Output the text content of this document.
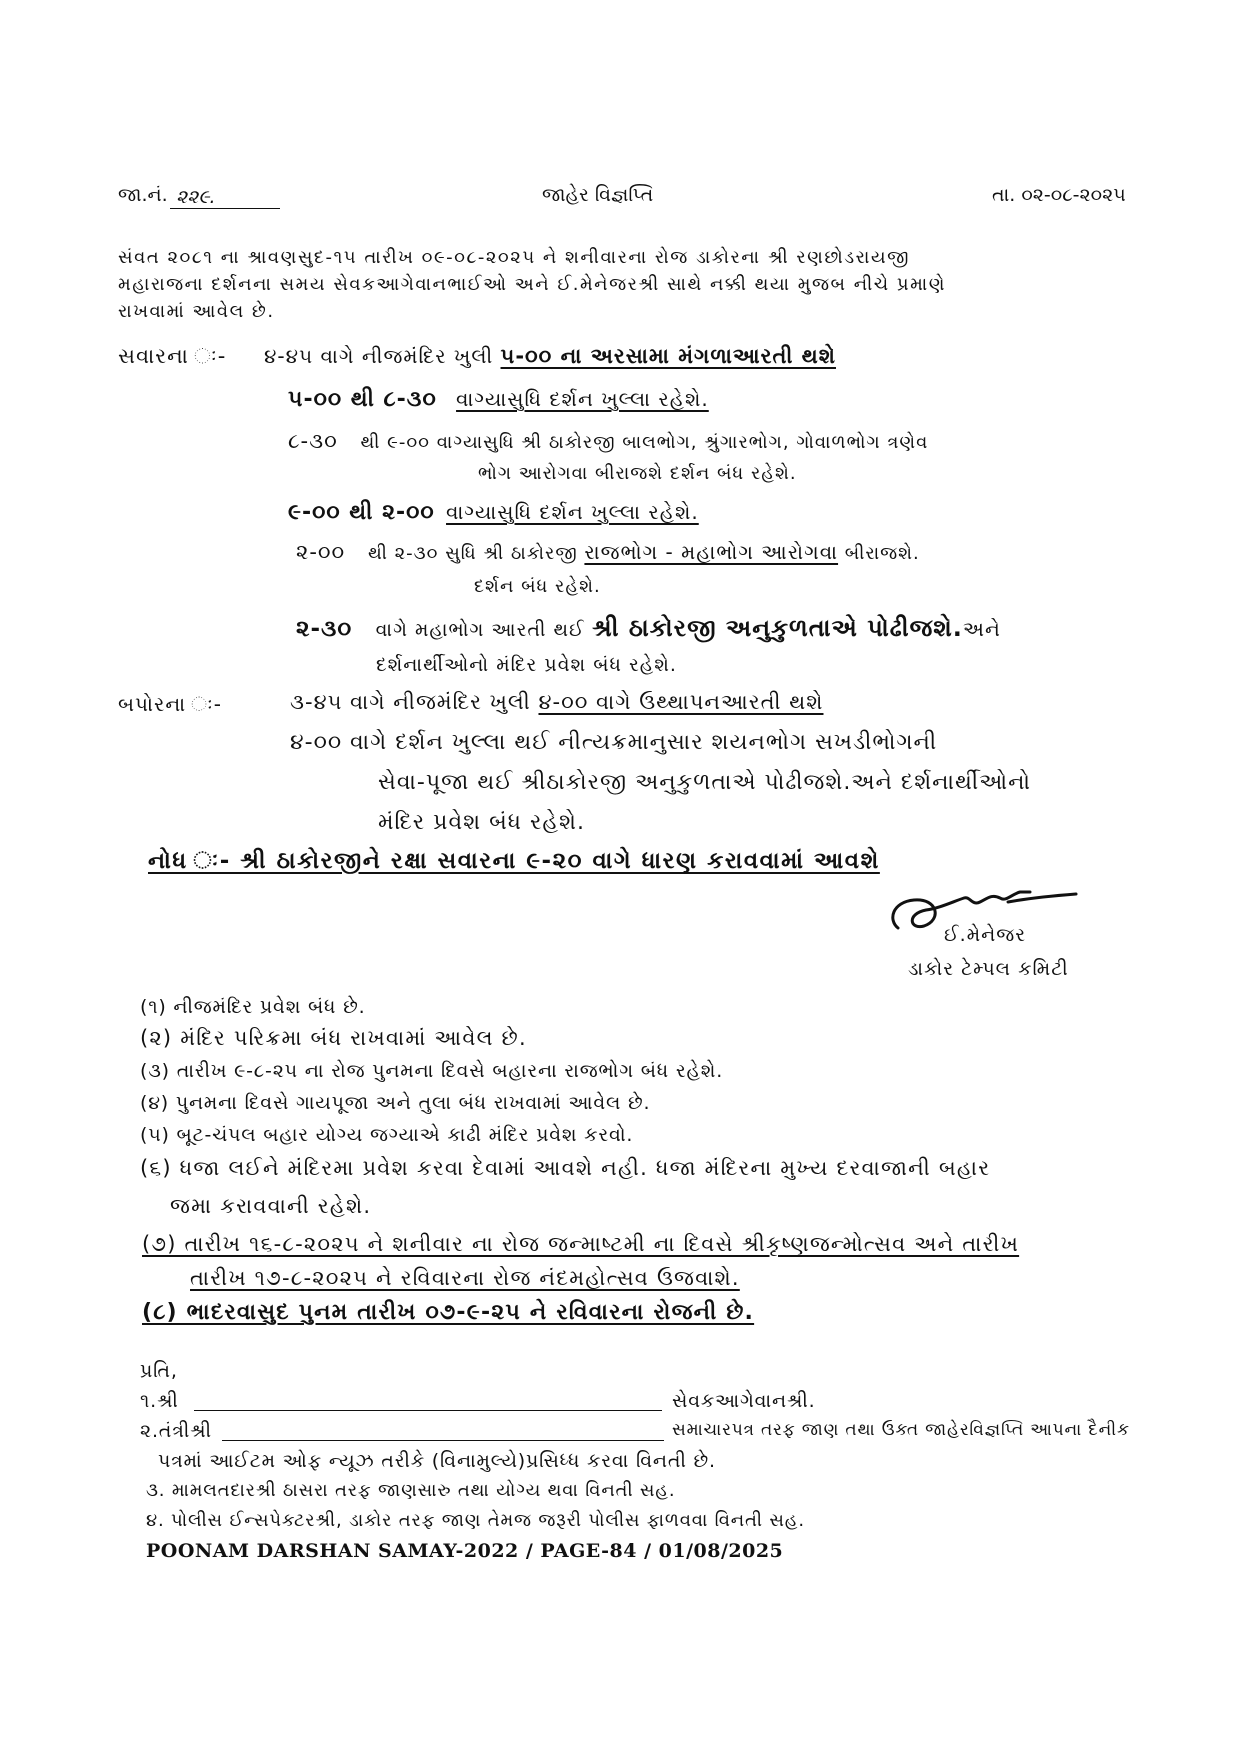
જા.નં. ૨૨૯.	જાહેર વિજ્ઞપ્તિ	તા. ૦૨-૦૮-૨૦૨૫
સંવત ૨૦૮૧ ના શ્રાવણસુદ-૧૫ તારીખ ૦૯-૦૮-૨૦૨૫ ને શનીવારના રોજ ડાકોરના શ્રી રણછોડરાયજી
મહારાજના દર્શનના સમય સેવકઆગેવાનભાઈઓ અને ઈ.મેનેજરશ્રી સાથે નક્કી થયા મુજબ નીચે પ્રમાણે
રાખવામાં આવેલ છે.
સવારના ઃ- ૪-૪૫ વાગે નીજમંદિર ખુલી ૫-૦૦ ના અરસામા મંગળાઆરતી થશે
૫-૦૦ થી ૮-૩૦ વાગ્યાસુધિ દર્શન ખુલ્લા રહેશે.
૮-૩૦ થી ૯-૦૦ વાગ્યાસુધિ શ્રી ઠાકોરજી બાલભોગ, શ્રુંગારભોગ, ગોવાળભોગ ત્રણેવ
ભોગ આરોગવા બીરાજશે દર્શન બંધ રહેશે.
૯-૦૦ થી ૨-૦૦ વાગ્યાસુધિ દર્શન ખુલ્લા રહેશે.
૨-૦૦ થી ૨-૩૦ સુધિ શ્રી ઠાકોરજી રાજભોગ - મહાભોગ આરોગવા બીરાજશે.
દર્શન બંધ રહેશે.
૨-૩૦ વાગે મહાભોગ આરતી થઈ શ્રી ઠાકોરજી અનુકુળતાએ પોઢીજશે.અને
દર્શનાર્થીઓનો મંદિર પ્રવેશ બંધ રહેશે.
બપોરના ઃ-	૩-૪૫ વાગે નીજમંદિર ખુલી ૪-૦૦ વાગે ઉથ્થાપનઆરતી થશે
૪-૦૦ વાગે દર્શન ખુલ્લા થઈ નીત્યક્રમાનુસાર શયનભોગ સખડીભોગની
સેવા-પૂજા થઈ શ્રીઠાકોરજી અનુકુળતાએ પોઢીજશે.અને દર્શનાર્થીઓનો
મંદિર પ્રવેશ બંધ રહેશે.
નોધ ઃ- શ્રી ઠાકોરજીને રક્ષા સવારના ૯-૨૦ વાગે ધારણ કરાવવામાં આવશે
ઈ.મેનેજર
ડાકોર ટેમ્પલ કમિટી
(૧) નીજમંદિર પ્રવેશ બંધ છે.
(૨) મંદિર પરિક્રમા બંધ રાખવામાં આવેલ છે.
(૩) તારીખ ૯-૮-૨૫ ના રોજ પુનમના દિવસે બહારના રાજભોગ બંધ રહેશે.
(૪) પુનમના દિવસે ગાયપૂજા અને તુલા બંધ રાખવામાં આવેલ છે.
(૫) બૂટ-ચંપલ બહાર યોગ્ય જગ્યાએ કાઢી મંદિર પ્રવેશ કરવો.
(૬) ધજા લઈને મંદિરમા પ્રવેશ કરવા દેવામાં આવશે નહી. ધજા મંદિરના મુખ્ય દરવાજાની બહાર
જમા કરાવવાની રહેશે.
(૭) તારીખ ૧૬-૮-૨૦૨૫ ને શનીવાર ના રોજ જન્માષ્ટમી ના દિવસે શ્રીકૃષ્ણજન્મોત્સવ અને તારીખ
તારીખ ૧૭-૮-૨૦૨૫ ને રવિવારના રોજ નંદમહોત્સવ ઉજવાશે.
(૮) ભાદરવાસુદ પુનમ તારીખ ૦૭-૯-૨૫ ને રવિવારના રોજની છે.
પ્રતિ,
૧.શ્રી	સેવકઆગેવાનશ્રી.
૨.તંત્રીશ્રી	સમાચારપત્ર તરફ જાણ તથા ઉક્ત જાહેરવિજ્ઞપ્તિ આપના દૈનીક
પત્રમાં આઈટમ ઓફ ન્યૂઝ તરીકે (વિનામુલ્યે)પ્રસિધ્ધ કરવા વિનતી છે.
૩. મામલતદારશ્રી ઠાસરા તરફ જાણસારુ તથા યોગ્ય થવા વિનતી સહ.
૪. પોલીસ ઈન્સપેક્ટરશ્રી, ડાકોર તરફ જાણ તેમજ જરૂરી પોલીસ ફાળવવા વિનતી સહ.
POONAM DARSHAN SAMAY-2022 / PAGE-84 / 01/08/2025
